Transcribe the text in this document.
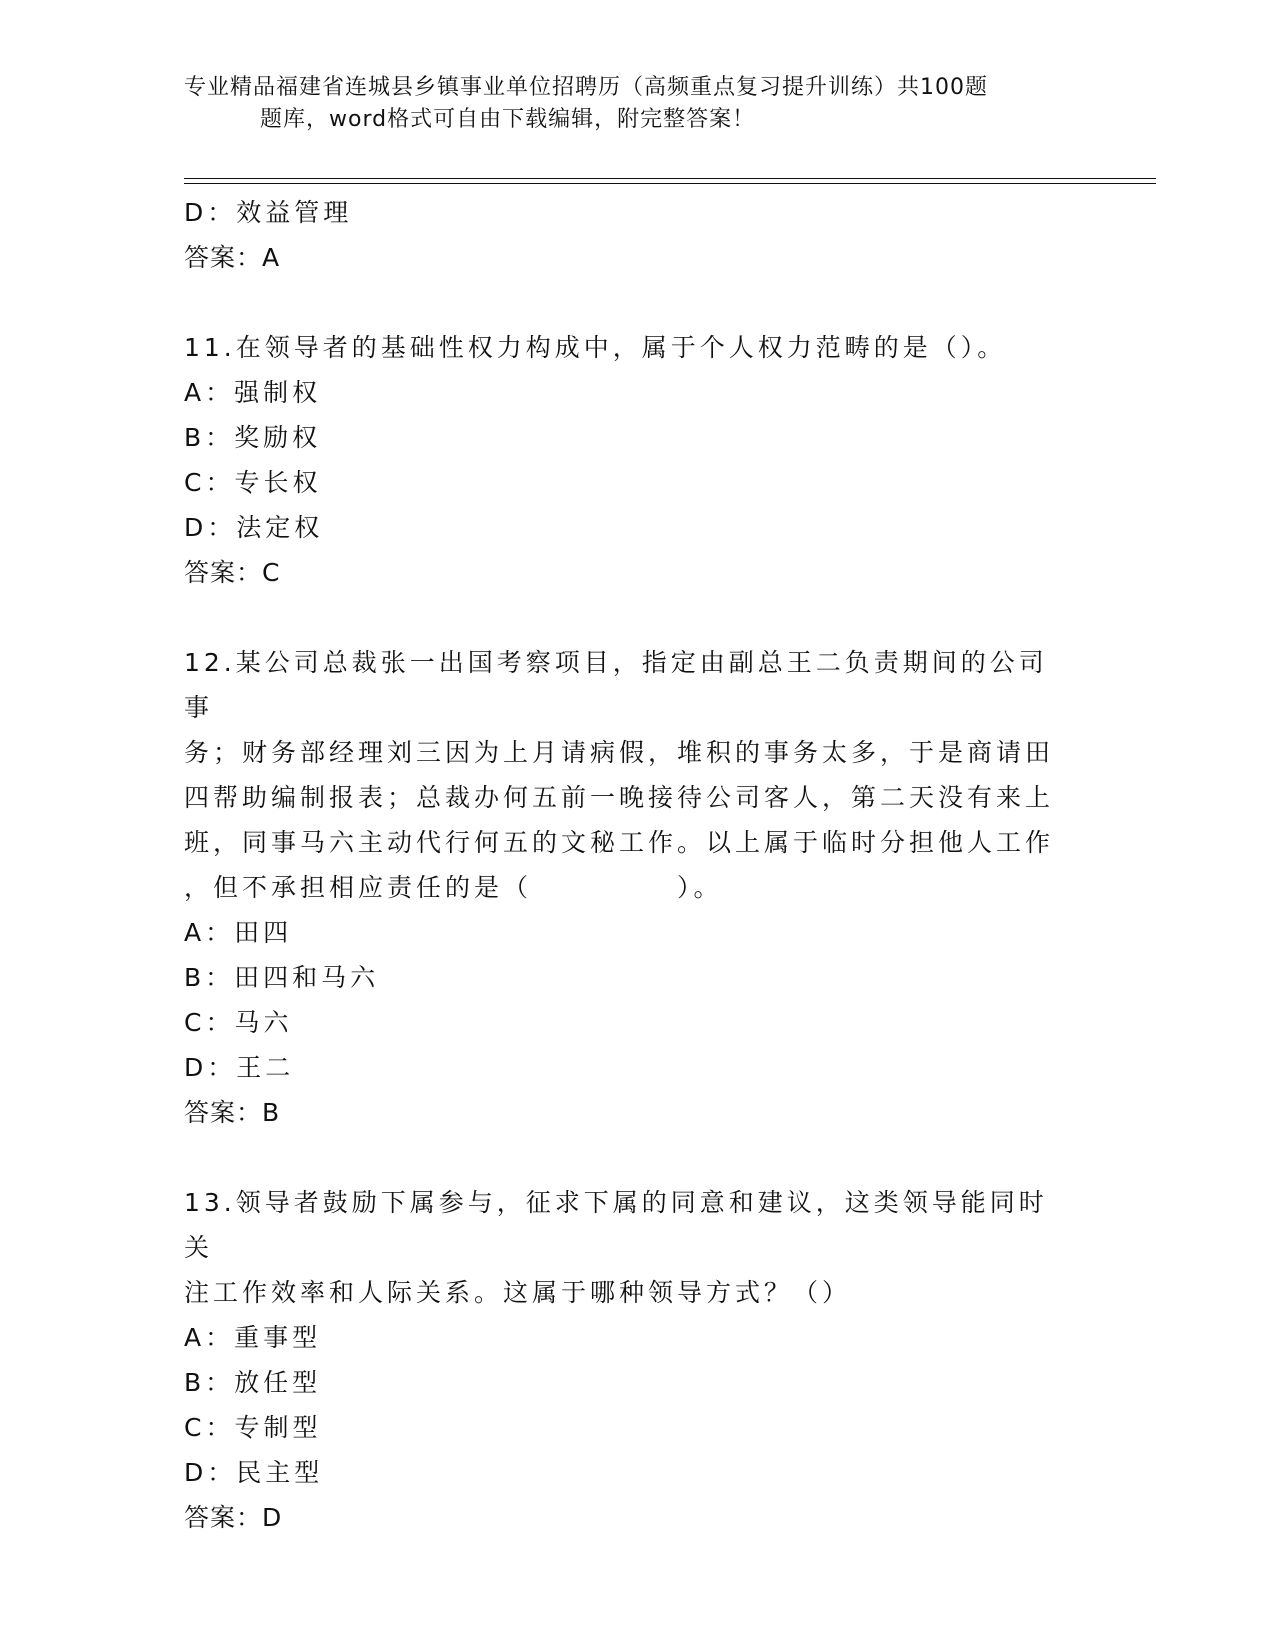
专业精品福建省连城县乡镇事业单位招聘历（高频重点复习提升训练）共100题
题库，word格式可自由下载编辑，附完整答案！

D：效益管理

答案：A

11.在领导者的基础性权力构成中，属于个人权力范畴的是（）。

A：强制权

B：奖励权

C：专长权

D：法定权

答案：C

12.某公司总裁张一出国考察项目，指定由副总王二负责期间的公司事

务；财务部经理刘三因为上月请病假，堆积的事务太多，于是商请田

四帮助编制报表；总裁办何五前一晚接待公司客人，第二天没有来上

班，同事马六主动代行何五的文秘工作。以上属于临时分担他人工作

，但不承担相应责任的是（　　　　　）。

A：田四

B：田四和马六

C：马六

D：王二

答案：B

13.领导者鼓励下属参与，征求下属的同意和建议，这类领导能同时关

注工作效率和人际关系。这属于哪种领导方式？（）

A：重事型

B：放任型

C：专制型

D：民主型

答案：D
